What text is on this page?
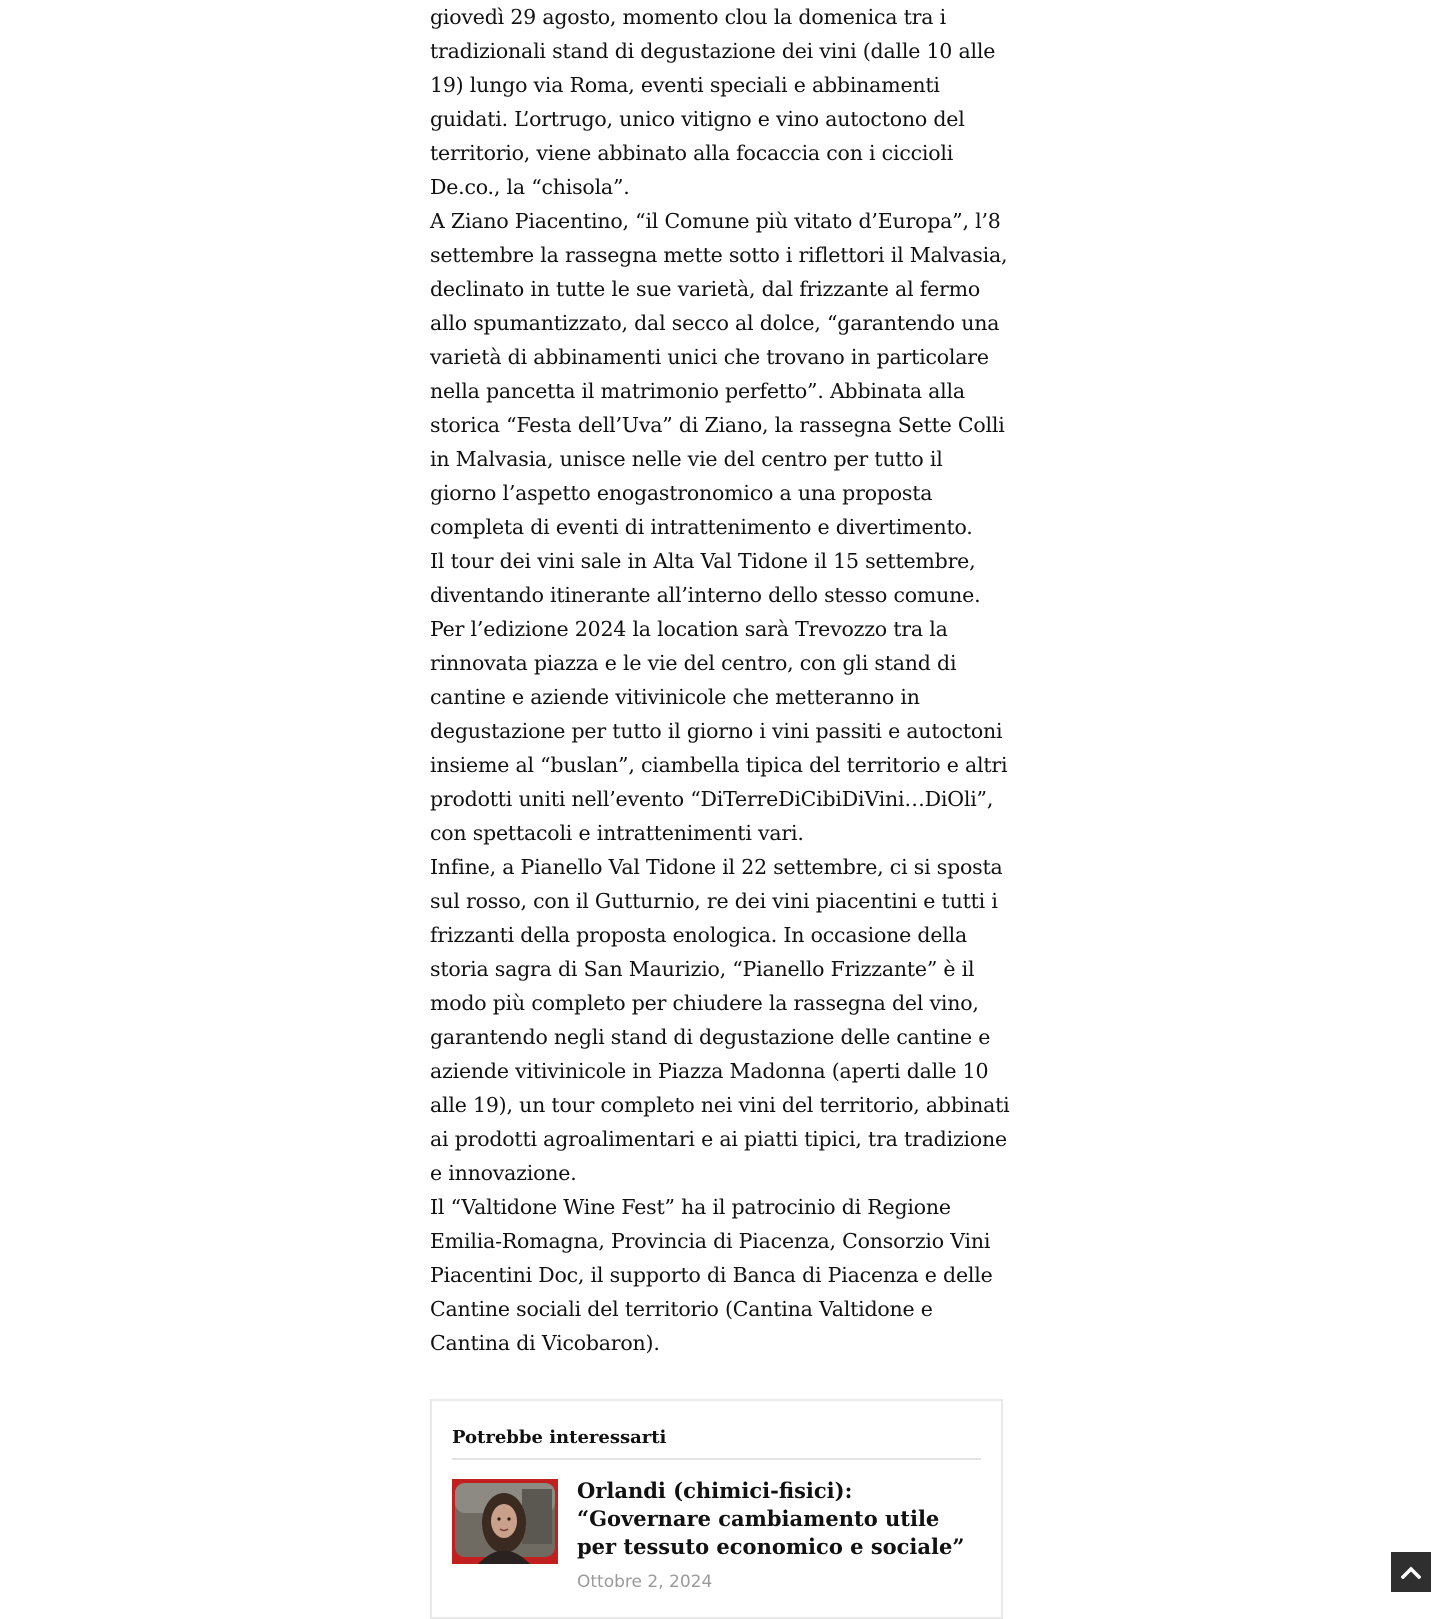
giovedì 29 agosto, momento clou la domenica tra i tradizionali stand di degustazione dei vini (dalle 10 alle 19) lungo via Roma, eventi speciali e abbinamenti guidati. L’ortrugo, unico vitigno e vino autoctono del territorio, viene abbinato alla focaccia con i ciccioli De.co., la “chisola”.

A Ziano Piacentino, “il Comune più vitato d’Europa”, l’8 settembre la rassegna mette sotto i riflettori il Malvasia, declinato in tutte le sue varietà, dal frizzante al fermo allo spumantizzato, dal secco al dolce, “garantendo una varietà di abbinamenti unici che trovano in particolare nella pancetta il matrimonio perfetto”. Abbinata alla storica “Festa dell’Uva” di Ziano, la rassegna Sette Colli in Malvasia, unisce nelle vie del centro per tutto il giorno l’aspetto enogastronomico a una proposta completa di eventi di intrattenimento e divertimento.

Il tour dei vini sale in Alta Val Tidone il 15 settembre, diventando itinerante all’interno dello stesso comune. Per l’edizione 2024 la location sarà Trevozzo tra la rinnovata piazza e le vie del centro, con gli stand di cantine e aziende vitivinicole che metteranno in degustazione per tutto il giorno i vini passiti e autoctoni insieme al “buslan”, ciambella tipica del territorio e altri prodotti uniti nell’evento “DiTerreDiCibiDiVini…DiOli”, con spettacoli e intrattenimenti vari.

Infine, a Pianello Val Tidone il 22 settembre, ci si sposta sul rosso, con il Gutturnio, re dei vini piacentini e tutti i frizzanti della proposta enologica. In occasione della storia sagra di San Maurizio, “Pianello Frizzante” è il modo più completo per chiudere la rassegna del vino, garantendo negli stand di degustazione delle cantine e aziende vitivinicole in Piazza Madonna (aperti dalle 10 alle 19), un tour completo nei vini del territorio, abbinati ai prodotti agroalimentari e ai piatti tipici, tra tradizione e innovazione.

Il “Valtidone Wine Fest” ha il patrocinio di Regione Emilia-Romagna, Provincia di Piacenza, Consorzio Vini Piacentini Doc, il supporto di Banca di Piacenza e delle Cantine sociali del territorio (Cantina Valtidone e Cantina di Vicobaron).

Potrebbe interessarti
Orlandi (chimici-fisici): “Governare cambiamento utile per tessuto economico e sociale”
Ottobre 2, 2024
